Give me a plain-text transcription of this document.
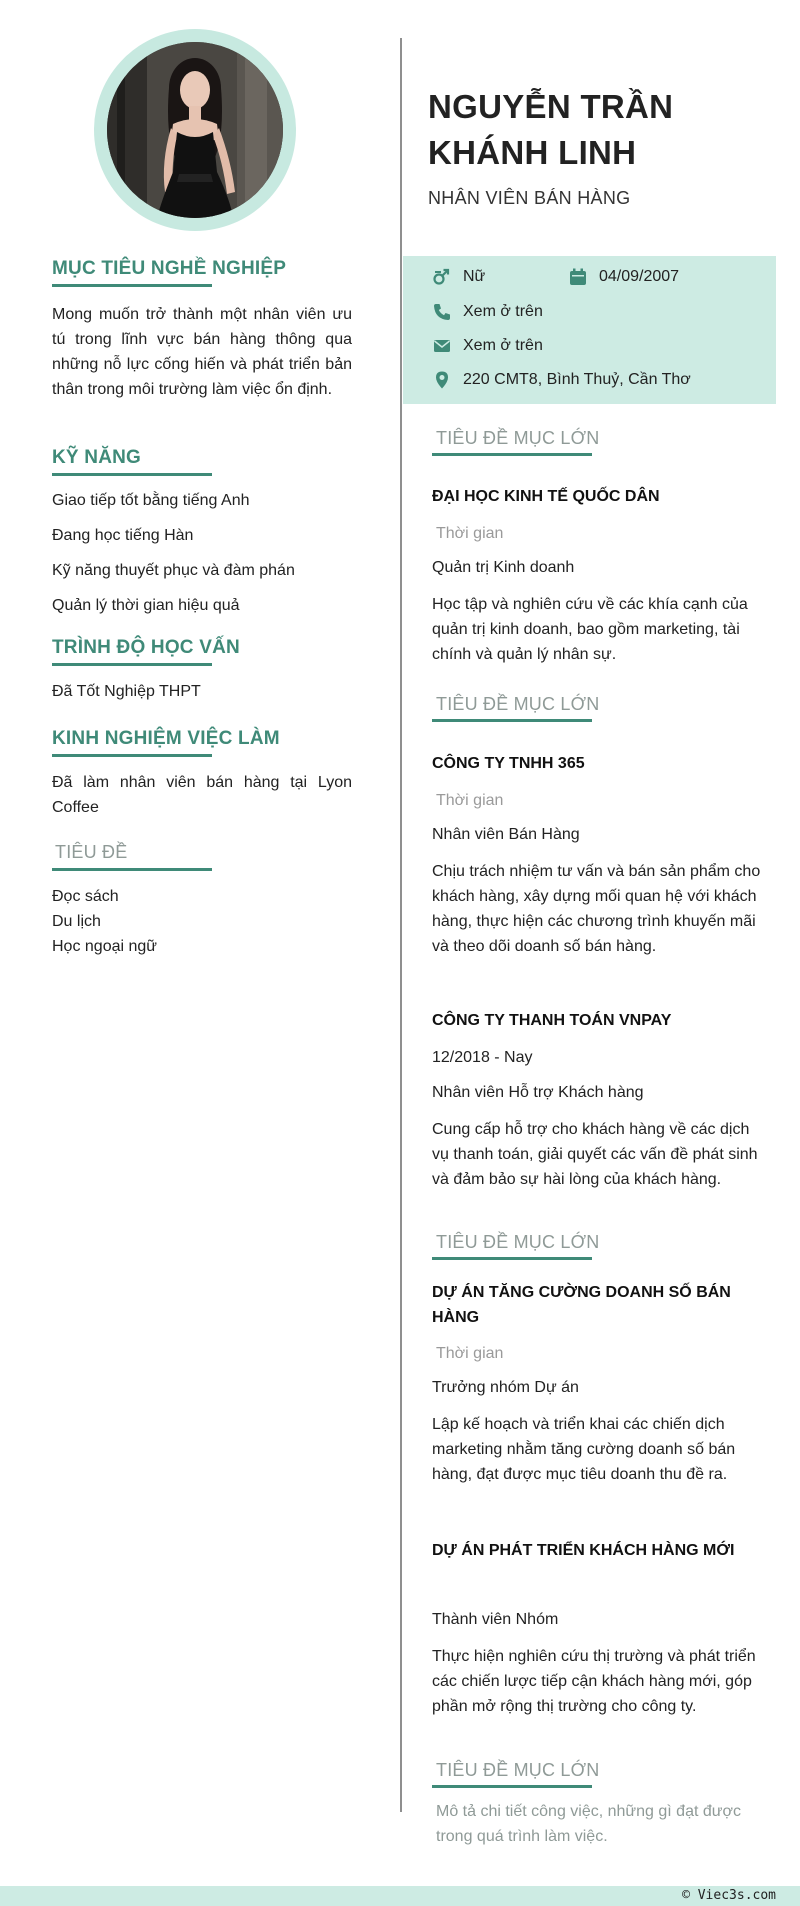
MỤC TIÊU NGHỀ NGHIỆP
Mong muốn trở thành một nhân viên ưu tú trong lĩnh vực bán hàng thông qua những nỗ lực cống hiến và phát triển bản thân trong môi trường làm việc ổn định.
KỸ NĂNG
Giao tiếp tốt bằng tiếng Anh
Đang học tiếng Hàn
Kỹ năng thuyết phục và đàm phán
Quản lý thời gian hiệu quả
TRÌNH ĐỘ HỌC VẤN
Đã Tốt Nghiệp THPT
KINH NGHIỆM VIỆC LÀM
Đã làm nhân viên bán hàng tại Lyon Coffee
TIÊU ĐỀ
Đọc sách
Du lịch
Học ngoại ngữ
NGUYỄN TRẦN KHÁNH LINH
NHÂN VIÊN BÁN HÀNG
Nữ	04/09/2007
Xem ở trên
Xem ở trên
220 CMT8, Bình Thuỷ, Cần Thơ
TIÊU ĐỀ MỤC LỚN
ĐẠI HỌC KINH TẾ QUỐC DÂN
Thời gian
Quản trị Kinh doanh
Học tập và nghiên cứu về các khía cạnh của quản trị kinh doanh, bao gồm marketing, tài chính và quản lý nhân sự.
TIÊU ĐỀ MỤC LỚN
CÔNG TY TNHH 365
Thời gian
Nhân viên Bán Hàng
Chịu trách nhiệm tư vấn và bán sản phẩm cho khách hàng, xây dựng mối quan hệ với khách hàng, thực hiện các chương trình khuyến mãi và theo dõi doanh số bán hàng.
CÔNG TY THANH TOÁN VNPAY
12/2018 - Nay
Nhân viên Hỗ trợ Khách hàng
Cung cấp hỗ trợ cho khách hàng về các dịch vụ thanh toán, giải quyết các vấn đề phát sinh và đảm bảo sự hài lòng của khách hàng.
TIÊU ĐỀ MỤC LỚN
DỰ ÁN TĂNG CƯỜNG DOANH SỐ BÁN HÀNG
Thời gian
Trưởng nhóm Dự án
Lập kế hoạch và triển khai các chiến dịch marketing nhằm tăng cường doanh số bán hàng, đạt được mục tiêu doanh thu đề ra.
DỰ ÁN PHÁT TRIỂN KHÁCH HÀNG MỚI
Thành viên Nhóm
Thực hiện nghiên cứu thị trường và phát triển các chiến lược tiếp cận khách hàng mới, góp phần mở rộng thị trường cho công ty.
TIÊU ĐỀ MỤC LỚN
Mô tả chi tiết công việc, những gì đạt được trong quá trình làm việc.
© Viec3s.com
